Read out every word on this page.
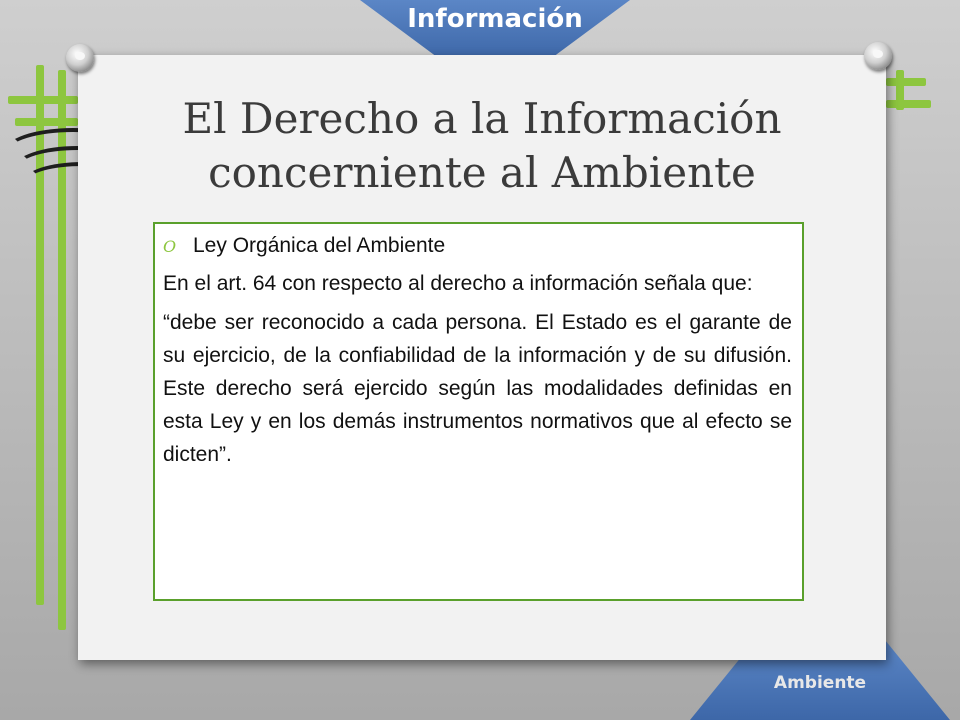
Información
Ambiente
El Derecho a la Información
concerniente al Ambiente

O Ley Orgánica del Ambiente

En el art. 64 con respecto al derecho a información señala que:

“debe ser reconocido a cada persona. El Estado es el garante de su ejercicio, de la confiabilidad de la información y de su difusión. Este derecho será ejercido según las modalidades definidas en esta Ley y en los demás instrumentos normativos que al efecto se dicten”.
